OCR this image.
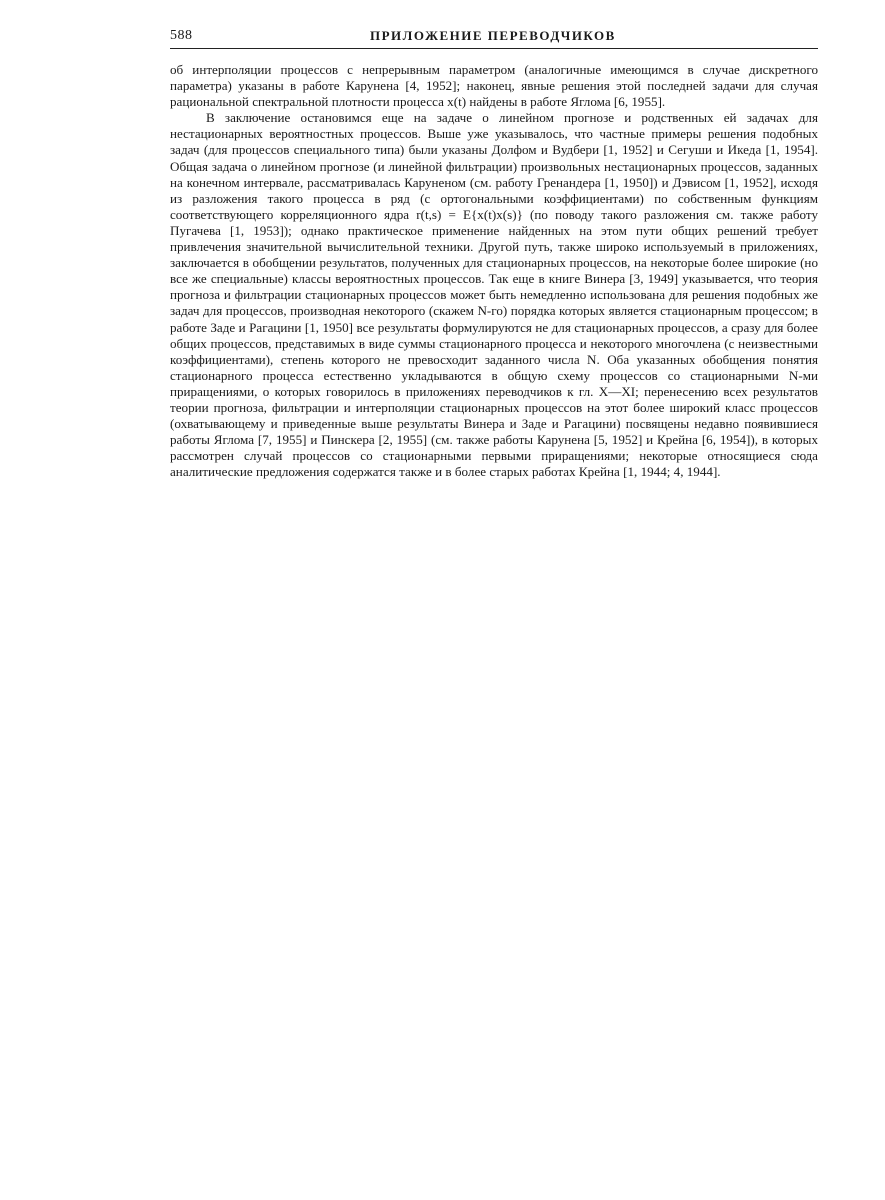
588	ПРИЛОЖЕНИЕ ПЕРЕВОДЧИКОВ

об интерполяции процессов с непрерывным параметром (аналогичные имеющимся в случае дискретного параметра) указаны в работе Карунена [4, 1952]; наконец, явные решения этой последней задачи для случая рациональной спектральной плотности процесса x(t) найдены в работе Яглома [6, 1955].

В заключение остановимся еще на задаче о линейном прогнозе и родственных ей задачах для нестационарных вероятностных процессов. Выше уже указывалось, что частные примеры решения подобных задач (для процессов специального типа) были указаны Долфом и Вудбери [1, 1952] и Сегуши и Икеда [1, 1954]. Общая задача о линейном прогнозе (и линейной фильтрации) произвольных нестационарных процессов, заданных на конечном интервале, рассматривалась Каруненом (см. работу Гренандера [1, 1950]) и Дэвисом [1, 1952], исходя из разложения такого процесса в ряд (с ортогональными коэффициентами) по собственным функциям соответствующего корреляционного ядра r(t,s) = E{x(t)x(s)} (по поводу такого разложения см. также работу Пугачева [1, 1953]); однако практическое применение найденных на этом пути общих решений требует привлечения значительной вычислительной техники. Другой путь, также широко используемый в приложениях, заключается в обобщении результатов, полученных для стационарных процессов, на некоторые более широкие (но все же специальные) классы вероятностных процессов. Так еще в книге Винера [3, 1949] указывается, что теория прогноза и фильтрации стационарных процессов может быть немедленно использована для решения подобных же задач для процессов, производная некоторого (скажем N-го) порядка которых является стационарным процессом; в работе Заде и Рагацини [1, 1950] все результаты формулируются не для стационарных процессов, а сразу для более общих процессов, представимых в виде суммы стационарного процесса и некоторого многочлена (с неизвестными коэффициентами), степень которого не превосходит заданного числа N. Оба указанных обобщения понятия стационарного процесса естественно укладываются в общую схему процессов со стационарными N-ми приращениями, о которых говорилось в приложениях переводчиков к гл. X—XI; перенесению всех результатов теории прогноза, фильтрации и интерполяции стационарных процессов на этот более широкий класс процессов (охватывающему и приведенные выше результаты Винера и Заде и Рагацини) посвящены недавно появившиеся работы Яглома [7, 1955] и Пинскера [2, 1955] (см. также работы Карунена [5, 1952] и Крейна [6, 1954]), в которых рассмотрен случай процессов со стационарными первыми приращениями; некоторые относящиеся сюда аналитические предложения содержатся также и в более старых работах Крейна [1, 1944; 4, 1944].
